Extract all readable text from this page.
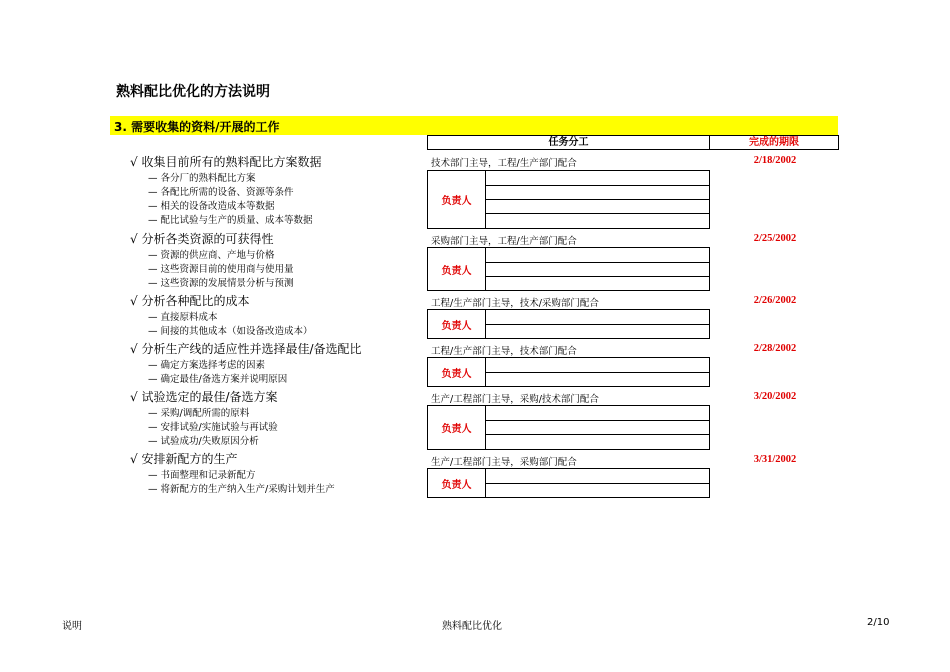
熟料配比优化的方法说明
3. 需要收集的资料/开展的工作
任务分工	完成的期限
√ 收集目前所有的熟料配比方案数据
— 各分厂的熟料配比方案
— 各配比所需的设备、资源等条件
— 相关的设备改造成本等数据
— 配比试验与生产的质量、成本等数据
技术部门主导，工程/生产部门配合	2/18/2002
负责人
√ 分析各类资源的可获得性
— 资源的供应商、产地与价格
— 这些资源目前的使用商与使用量
— 这些资源的发展情景分析与预测
采购部门主导，工程/生产部门配合	2/25/2002
负责人
√ 分析各种配比的成本
— 直接原料成本
— 间接的其他成本（如设备改造成本）
工程/生产部门主导，技术/采购部门配合	2/26/2002
负责人
√ 分析生产线的适应性并选择最佳/备选配比
— 确定方案选择考虑的因素
— 确定最佳/备选方案并说明原因
工程/生产部门主导，技术部门配合	2/28/2002
负责人
√ 试验选定的最佳/备选方案
— 采购/调配所需的原料
— 安排试验/实施试验与再试验
— 试验成功/失败原因分析
生产/工程部门主导，采购/技术部门配合	3/20/2002
负责人
√ 安排新配方的生产
— 书面整理和记录新配方
— 将新配方的生产纳入生产/采购计划并生产
生产/工程部门主导，采购部门配合	3/31/2002
负责人
说明	熟料配比优化	2/10
